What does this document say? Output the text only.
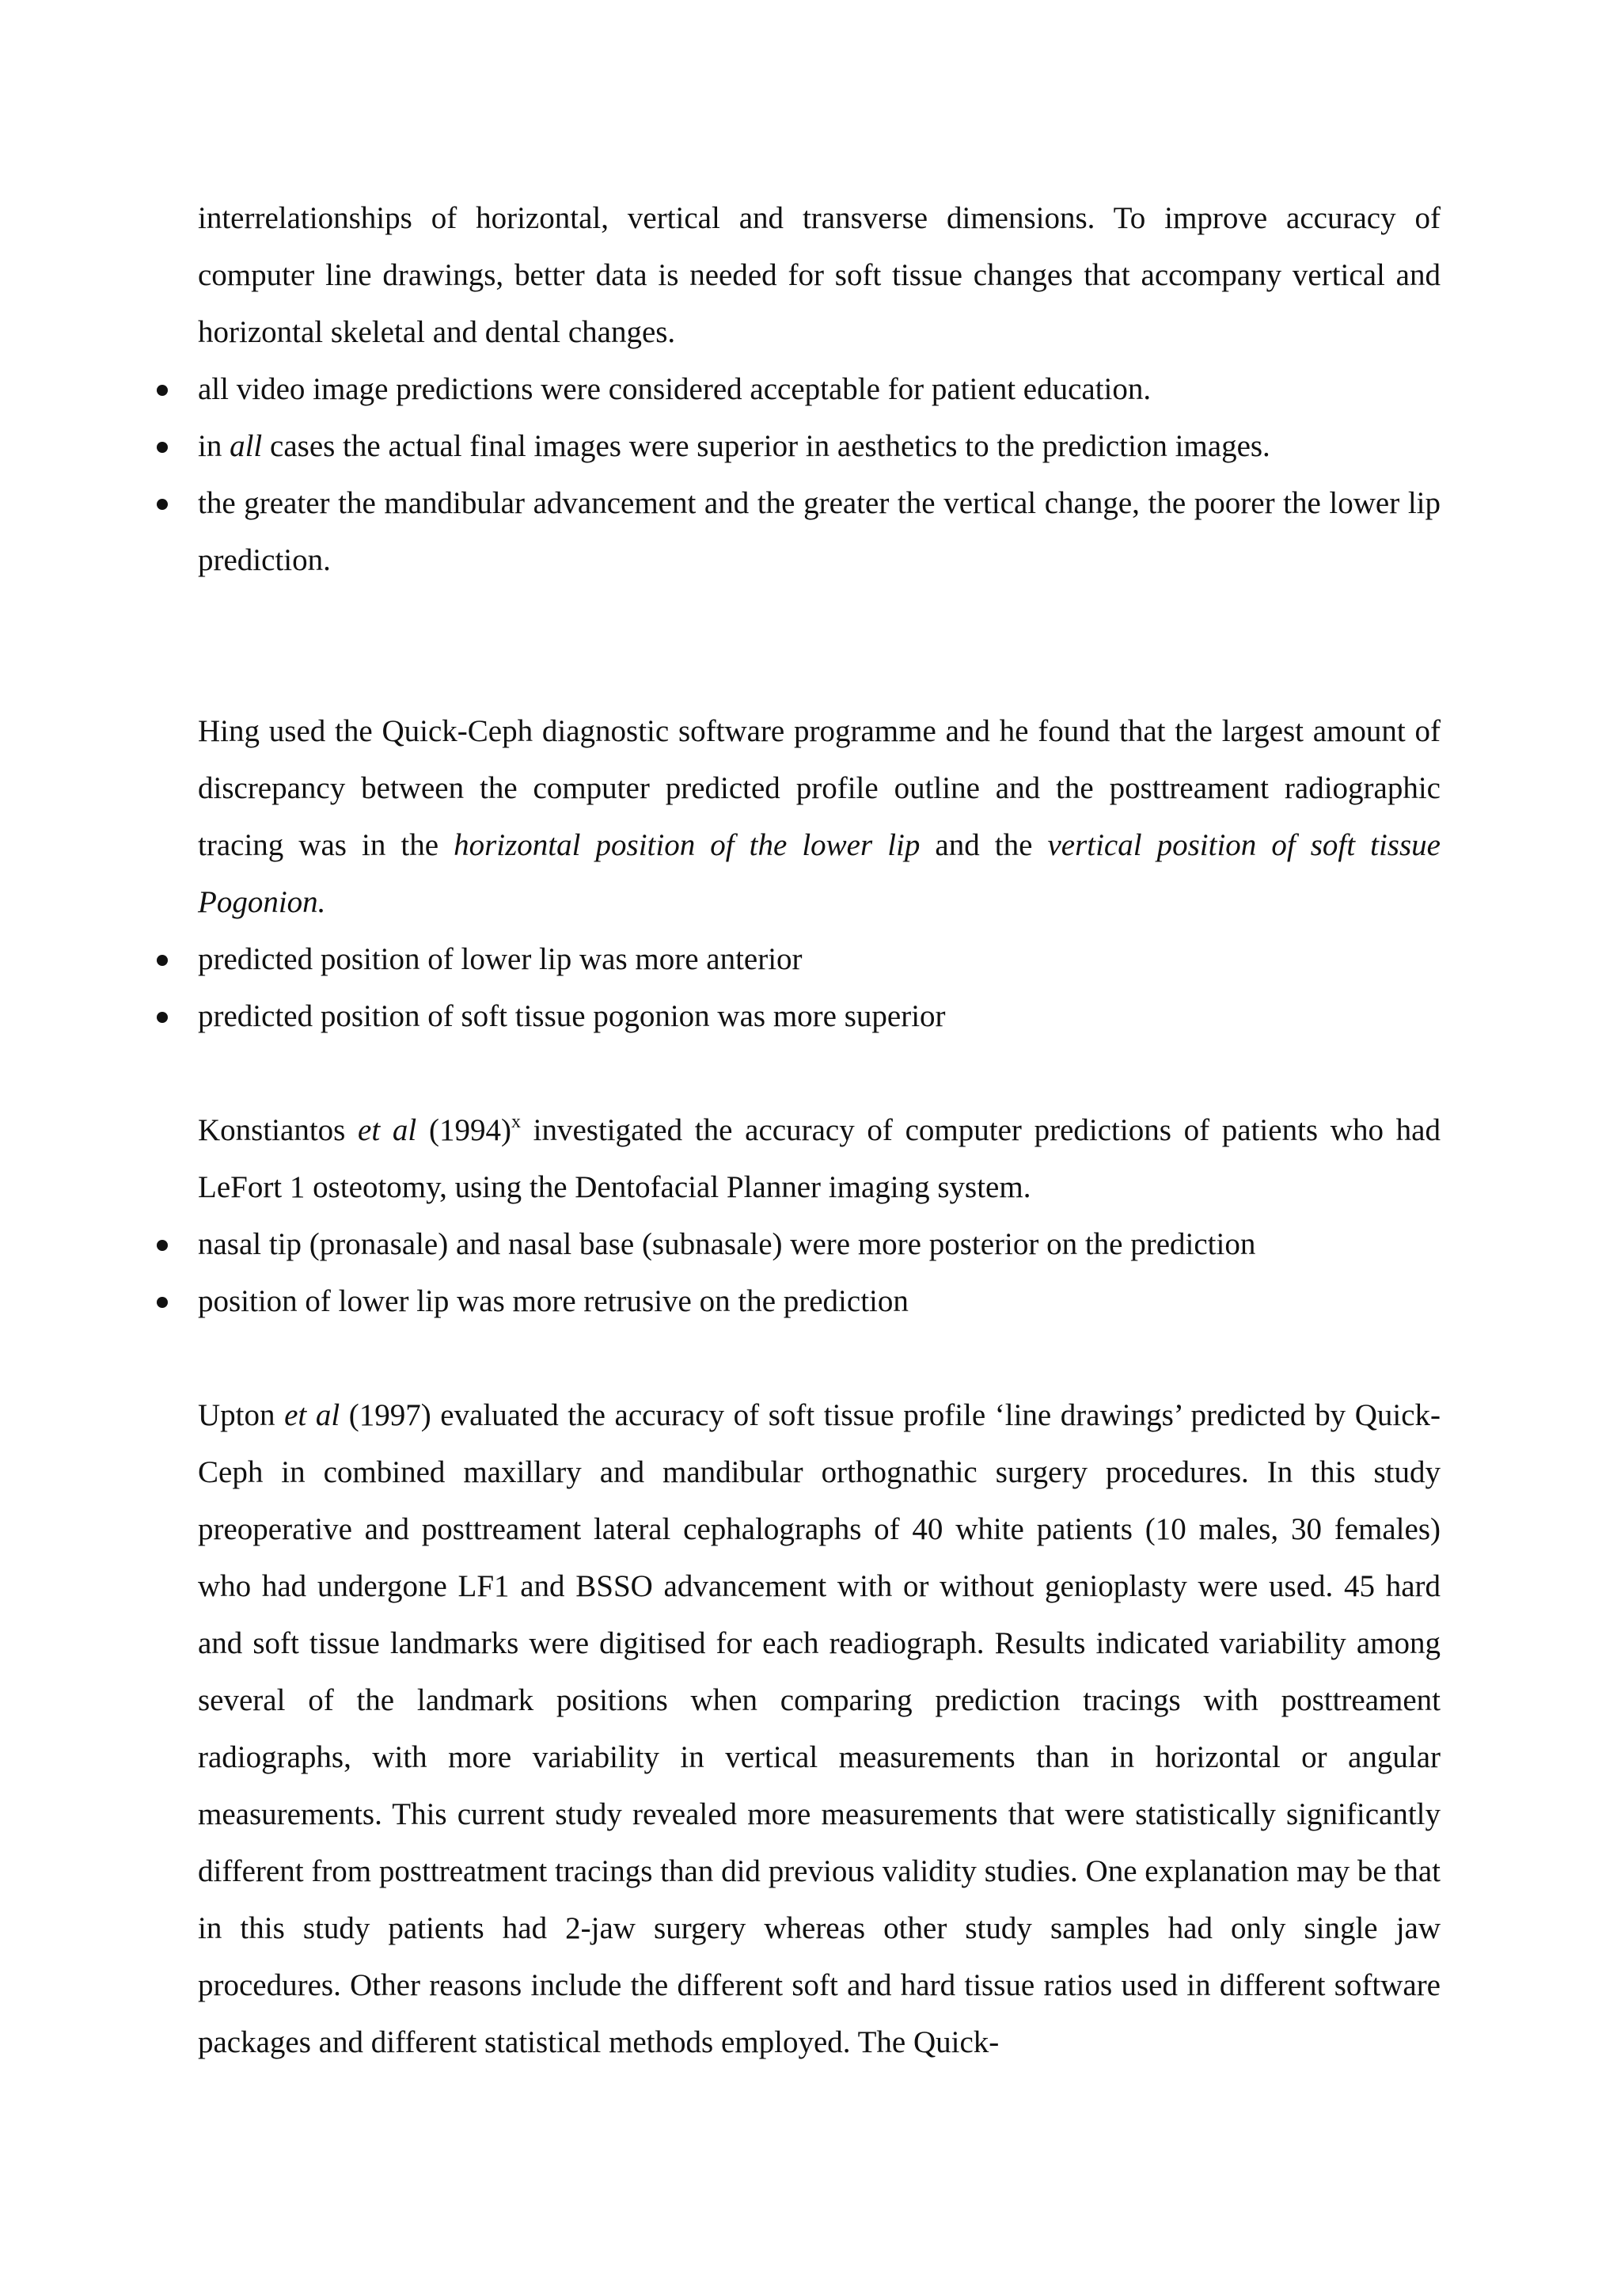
interrelationships of horizontal, vertical and transverse dimensions. To improve accuracy of computer line drawings, better data is needed for soft tissue changes that accompany vertical and horizontal skeletal and dental changes.

all video image predictions were considered acceptable for patient education.
in all cases the actual final images were superior in aesthetics to the prediction images.
the greater the mandibular advancement and the greater the vertical change, the poorer the lower lip prediction.

Hing used the Quick-Ceph diagnostic software programme and he found that the largest amount of discrepancy between the computer predicted profile outline and the posttreament radiographic tracing was in the horizontal position of the lower lip and the vertical position of soft tissue Pogonion.

predicted position of lower lip was more anterior
predicted position of soft tissue pogonion was more superior

Konstiantos et al $(1994)^x$ investigated the accuracy of computer predictions of patients who had LeFort 1 osteotomy, using the Dentofacial Planner imaging system.

nasal tip (pronasale) and nasal base (subnasale) were more posterior on the prediction
position of lower lip was more retrusive on the prediction

Upton et al (1997) evaluated the accuracy of soft tissue profile ‘line drawings’ predicted by Quick-Ceph in combined maxillary and mandibular orthognathic surgery procedures. In this study preoperative and posttreament lateral cephalographs of 40 white patients (10 males, 30 females) who had undergone LF1 and BSSO advancement with or without genioplasty were used. 45 hard and soft tissue landmarks were digitised for each readiograph. Results indicated variability among several of the landmark positions when comparing prediction tracings with posttreament radiographs, with more variability in vertical measurements than in horizontal or angular measurements. This current study revealed more measurements that were statistically significantly different from posttreatment tracings than did previous validity studies. One explanation may be that in this study patients had 2-jaw surgery whereas other study samples had only single jaw procedures. Other reasons include the different soft and hard tissue ratios used in different software packages and different statistical methods employed. The Quick-
